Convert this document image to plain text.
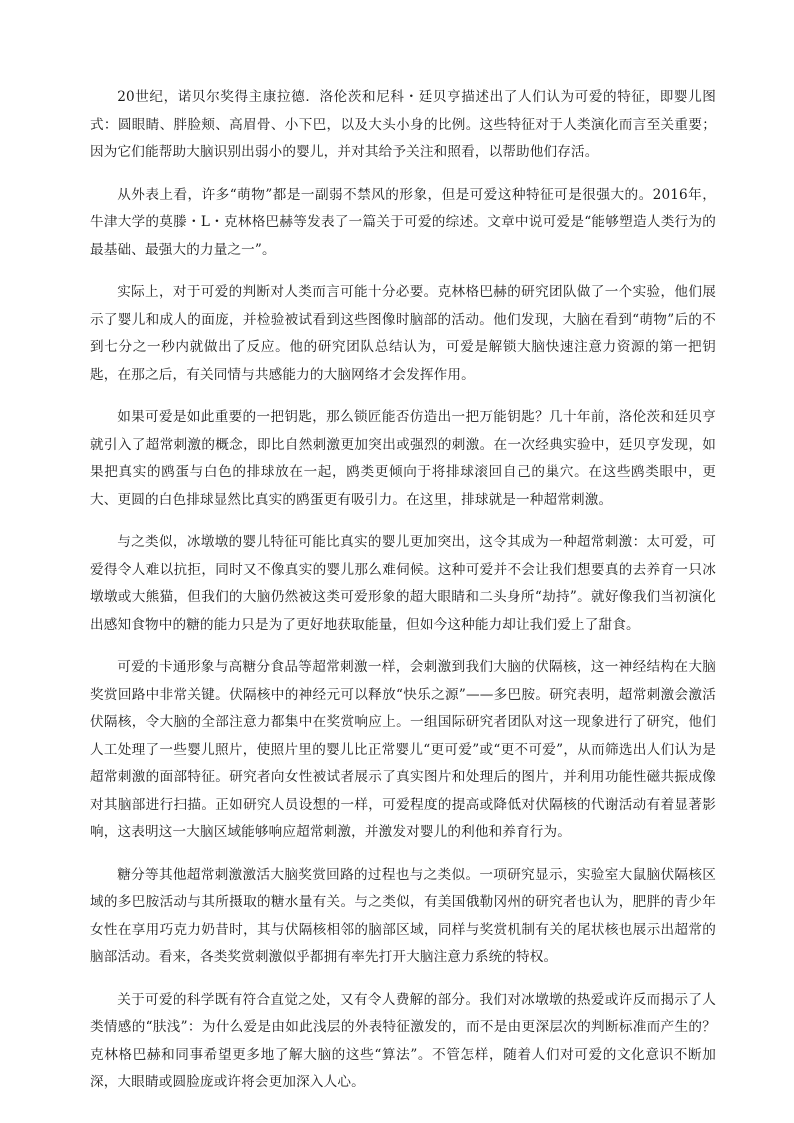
20世纪，诺贝尔奖得主康拉德．洛伦茨和尼科・廷贝亨描述出了人们认为可爱的特征，即婴儿图式：圆眼睛、胖脸颊、高眉骨、小下巴，以及大头小身的比例。这些特征对于人类演化而言至关重要；因为它们能帮助大脑识别出弱小的婴儿，并对其给予关注和照看，以帮助他们存活。

从外表上看，许多“萌物”都是一副弱不禁风的形象，但是可爱这种特征可是很强大的。2016年，牛津大学的莫滕・L・克林格巴赫等发表了一篇关于可爱的综述。文章中说可爱是“能够塑造人类行为的最基础、最强大的力量之一”。

实际上，对于可爱的判断对人类而言可能十分必要。克林格巴赫的研究团队做了一个实验，他们展示了婴儿和成人的面庞，并检验被试看到这些图像时脑部的活动。他们发现，大脑在看到“萌物”后的不到七分之一秒内就做出了反应。他的研究团队总结认为，可爱是解锁大脑快速注意力资源的第一把钥匙，在那之后，有关同情与共感能力的大脑网络才会发挥作用。

如果可爱是如此重要的一把钥匙，那么锁匠能否仿造出一把万能钥匙？几十年前，洛伦茨和廷贝亨就引入了超常刺激的概念，即比自然刺激更加突出或强烈的刺激。在一次经典实验中，廷贝亨发现，如果把真实的鸥蛋与白色的排球放在一起，鸥类更倾向于将排球滚回自己的巢穴。在这些鸥类眼中，更大、更圆的白色排球显然比真实的鸥蛋更有吸引力。在这里，排球就是一种超常刺激。

与之类似，冰墩墩的婴儿特征可能比真实的婴儿更加突出，这令其成为一种超常刺激：太可爱，可爱得令人难以抗拒，同时又不像真实的婴儿那么难伺候。这种可爱并不会让我们想要真的去养育一只冰墩墩或大熊猫，但我们的大脑仍然被这类可爱形象的超大眼睛和二头身所“劫持”。就好像我们当初演化出感知食物中的糖的能力只是为了更好地获取能量，但如今这种能力却让我们爱上了甜食。

可爱的卡通形象与高糖分食品等超常刺激一样，会刺激到我们大脑的伏隔核，这一神经结构在大脑奖赏回路中非常关键。伏隔核中的神经元可以释放“快乐之源”——多巴胺。研究表明，超常刺激会激活伏隔核，令大脑的全部注意力都集中在奖赏响应上。一组国际研究者团队对这一现象进行了研究，他们人工处理了一些婴儿照片，使照片里的婴儿比正常婴儿“更可爱”或“更不可爱”，从而筛选出人们认为是超常刺激的面部特征。研究者向女性被试者展示了真实图片和处理后的图片，并利用功能性磁共振成像对其脑部进行扫描。正如研究人员设想的一样，可爱程度的提高或降低对伏隔核的代谢活动有着显著影响，这表明这一大脑区域能够响应超常刺激，并激发对婴儿的利他和养育行为。

糖分等其他超常刺激激活大脑奖赏回路的过程也与之类似。一项研究显示，实验室大鼠脑伏隔核区域的多巴胺活动与其所摄取的糖水量有关。与之类似，有美国俄勒冈州的研究者也认为，肥胖的青少年女性在享用巧克力奶昔时，其与伏隔核相邻的脑部区域，同样与奖赏机制有关的尾状核也展示出超常的脑部活动。看来，各类奖赏刺激似乎都拥有率先打开大脑注意力系统的特权。

关于可爱的科学既有符合直觉之处，又有令人费解的部分。我们对冰墩墩的热爱或许反而揭示了人类情感的“肤浅”：为什么爱是由如此浅层的外表特征激发的，而不是由更深层次的判断标准而产生的？克林格巴赫和同事希望更多地了解大脑的这些“算法”。不管怎样，随着人们对可爱的文化意识不断加深，大眼睛或圆脸庞或许将会更加深入人心。
